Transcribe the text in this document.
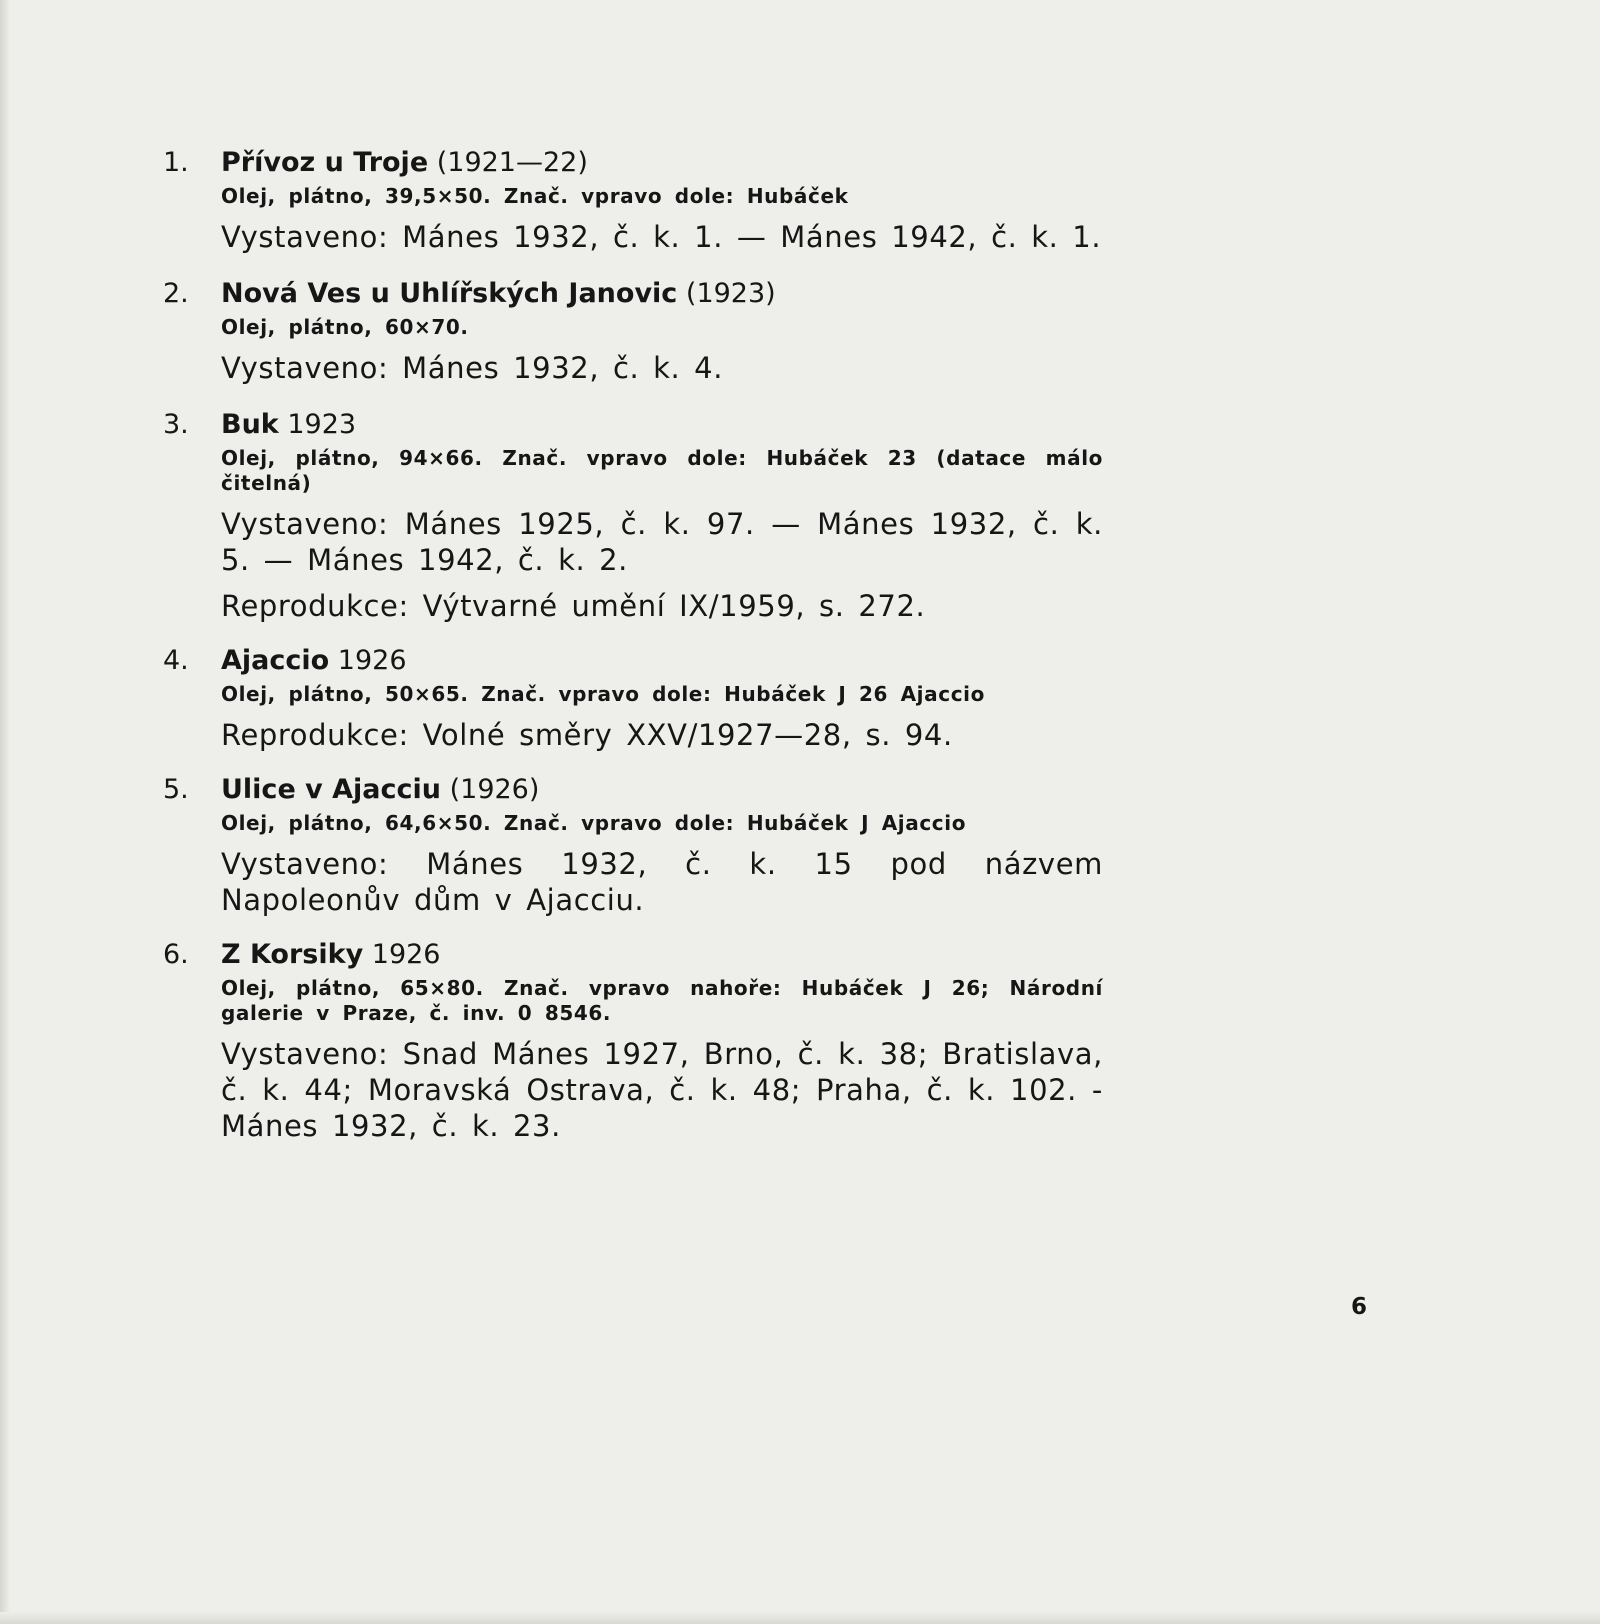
1. Přívoz u Troje (1921—22)

Olej, plátno, 39,5×50. Znač. vpravo dole: Hubáček

Vystaveno: Mánes 1932, č. k. 1. — Mánes 1942, č. k. 1.

2. Nová Ves u Uhlířských Janovic (1923)

Olej, plátno, 60×70.

Vystaveno: Mánes 1932, č. k. 4.

3. Buk 1923

Olej, plátno, 94×66. Znač. vpravo dole: Hubáček 23 (datace málo čitelná)

Vystaveno: Mánes 1925, č. k. 97. — Mánes 1932, č. k. 5. — Mánes 1942, č. k. 2.

Reprodukce: Výtvarné umění IX/1959, s. 272.

4. Ajaccio 1926

Olej, plátno, 50×65. Znač. vpravo dole: Hubáček J 26 Ajaccio

Reprodukce: Volné směry XXV/1927—28, s. 94.

5. Ulice v Ajacciu (1926)

Olej, plátno, 64,6×50. Znač. vpravo dole: Hubáček J Ajaccio

Vystaveno: Mánes 1932, č. k. 15 pod názvem Napoleonův dům v Ajacciu.

6. Z Korsiky 1926

Olej, plátno, 65×80. Znač. vpravo nahoře: Hubáček J 26; Národní galerie v Praze, č. inv. 0 8546.

Vystaveno: Snad Mánes 1927, Brno, č. k. 38; Bratislava, č. k. 44; Moravská Ostrava, č. k. 48; Praha, č. k. 102. - Mánes 1932, č. k. 23.

6
